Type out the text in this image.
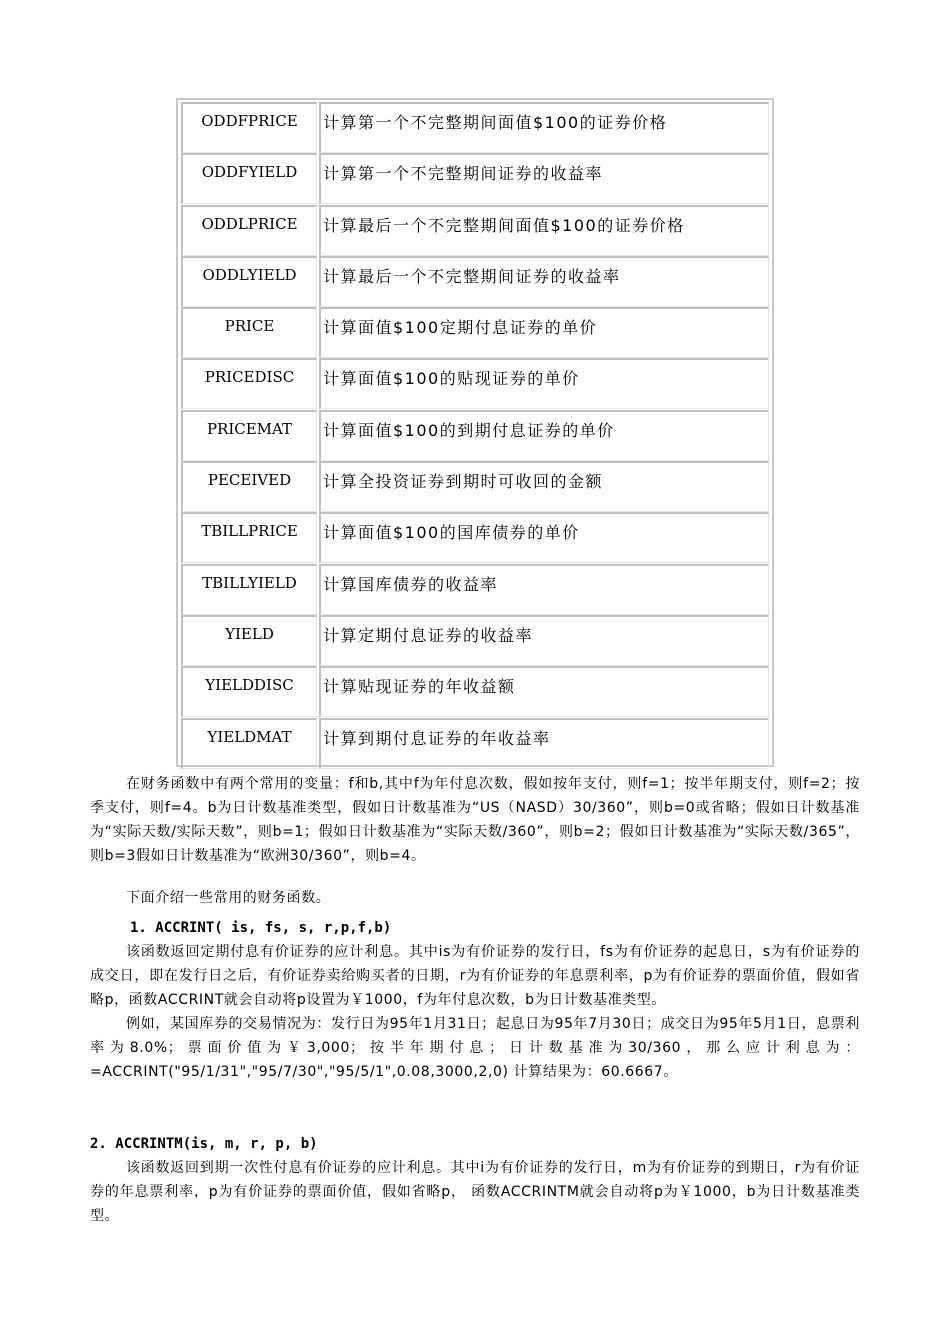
ODDFPRICE	计算第一个不完整期间面值$100的证券价格
ODDFYIELD	计算第一个不完整期间证券的收益率
ODDLPRICE	计算最后一个不完整期间面值$100的证券价格
ODDLYIELD	计算最后一个不完整期间证券的收益率
PRICE	计算面值$100定期付息证券的单价
PRICEDISC	计算面值$100的贴现证券的单价
PRICEMAT	计算面值$100的到期付息证券的单价
PECEIVED	计算全投资证券到期时可收回的金额
TBILLPRICE	计算面值$100的国库债券的单价
TBILLYIELD	计算国库债券的收益率
YIELD	计算定期付息证券的收益率
YIELDDISC	计算贴现证券的年收益额
YIELDMAT	计算到期付息证券的年收益率

在财务函数中有两个常用的变量：f和b,其中f为年付息次数，假如按年支付，则f=1；按半年期支付，则f=2；按季支付，则f=4。b为日计数基准类型，假如日计数基准为“US（NASD）30/360”，则b=0或省略；假如日计数基准为“实际天数/实际天数”，则b=1；假如日计数基准为“实际天数/360”，则b=2；假如日计数基准为“实际天数/365”，则b=3假如日计数基准为“欧洲30/360”，则b=4。

下面介绍一些常用的财务函数。

1. ACCRINT( is, fs, s, r,p,f,b)

该函数返回定期付息有价证券的应计利息。其中is为有价证券的发行日，fs为有价证券的起息日，s为有价证券的成交日，即在发行日之后，有价证券卖给购买者的日期，r为有价证券的年息票利率，p为有价证券的票面价值，假如省略p，函数ACCRINT就会自动将p设置为￥1000，f为年付息次数，b为日计数基准类型。

例如，某国库券的交易情况为：发行日为95年1月31日；起息日为95年7月30日；成交日为95年5月1日，息票利率为8.0%；票面价值为￥3,000；按半年期付息；日计数基准为30/360，那么应计利息为： =ACCRINT("95/1/31","95/7/30","95/5/1",0.08,3000,2,0) 计算结果为：60.6667。

2. ACCRINTM(is, m, r, p, b)

该函数返回到期一次性付息有价证券的应计利息。其中i为有价证券的发行日，m为有价证券的到期日，r为有价证券的年息票利率，p为有价证券的票面价值，假如省略p， 函数ACCRINTM就会自动将p为￥1000，b为日计数基准类型。
